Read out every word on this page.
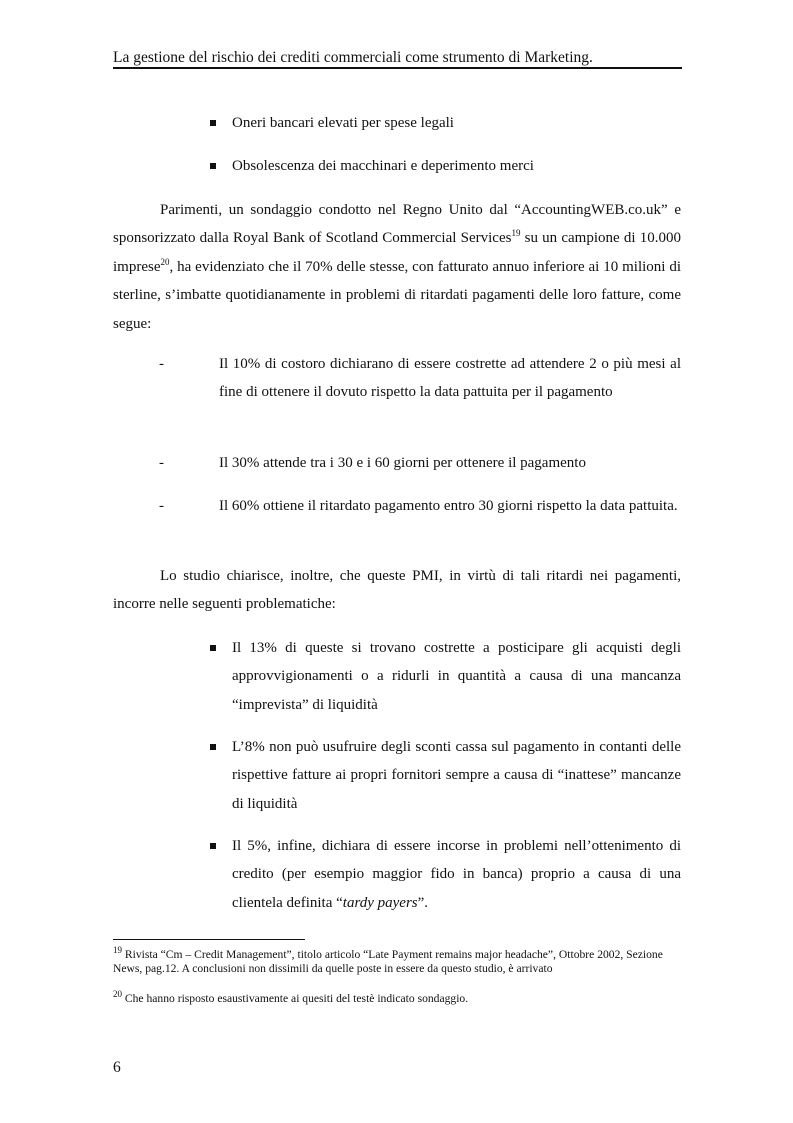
La gestione del rischio dei crediti commerciali come strumento di Marketing.
Oneri bancari elevati per spese legali
Obsolescenza dei macchinari e deperimento merci

Parimenti, un sondaggio condotto nel Regno Unito dal “AccountingWEB.co.uk” e sponsorizzato dalla Royal Bank of Scotland Commercial Services$^{19}$ su un campione di 10.000 imprese$^{20}$, ha evidenziato che il 70% delle stesse, con fatturato annuo inferiore ai 10 milioni di sterline, s’imbatte quotidianamente in problemi di ritardati pagamenti delle loro fatture, come segue:

-	Il 10% di costoro dichiarano di essere costrette ad attendere 2 o più mesi al fine di ottenere il dovuto rispetto la data pattuita per il pagamento

-	Il 30% attende tra i 30 e i 60 giorni per ottenere il pagamento

-	Il 60% ottiene il ritardato pagamento entro 30 giorni rispetto la data pattuita.

Lo studio chiarisce, inoltre, che queste PMI, in virtù di tali ritardi nei pagamenti, incorre nelle seguenti problematiche:

Il 13% di queste si trovano costrette a posticipare gli acquisti degli approvvigionamenti o a ridurli in quantità a causa di una mancanza “imprevista” di liquidità

L’8% non può usufruire degli sconti cassa sul pagamento in contanti delle rispettive fatture ai propri fornitori sempre a causa di “inattese” mancanze di liquidità

Il 5%, infine, dichiara di essere incorse in problemi nell’ottenimento di credito (per esempio maggior fido in banca) proprio a causa di una clientela definita “tardy payers”.

$^{19}$ Rivista “Cm – Credit Management”, titolo articolo “Late Payment remains major headache”, Ottobre 2002, Sezione News, pag.12. A conclusioni non dissimili da quelle poste in essere da questo studio, è arrivato

$^{20}$ Che hanno risposto esaustivamente ai quesiti del testè indicato sondaggio.

6
